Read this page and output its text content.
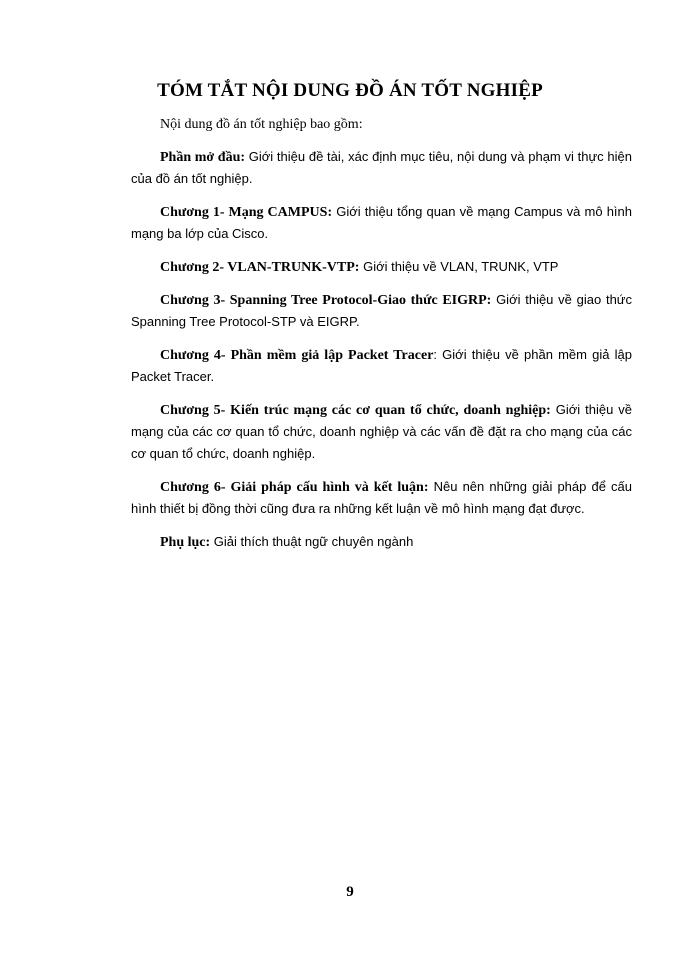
TÓM TẮT NỘI DUNG ĐỒ ÁN TỐT NGHIỆP

Nội dung đồ án tốt nghiệp bao gồm:

Phần mở đầu: Giới thiệu đề tài, xác định mục tiêu, nội dung và phạm vi thực hiện của đồ án tốt nghiệp.

Chương 1- Mạng CAMPUS: Giới thiệu tổng quan về mạng Campus và mô hình mạng ba lớp của Cisco.

Chương 2- VLAN-TRUNK-VTP: Giới thiệu về VLAN, TRUNK, VTP

Chương 3- Spanning Tree Protocol-Giao thức EIGRP: Giới thiệu về giao thức Spanning Tree Protocol-STP và EIGRP.

Chương 4- Phần mềm giả lập Packet Tracer: Giới thiệu về phần mềm giả lập Packet Tracer.

Chương 5- Kiến trúc mạng các cơ quan tổ chức, doanh nghiệp: Giới thiệu về mạng của các cơ quan tổ chức, doanh nghiệp và các vấn đề đặt ra cho mạng của các cơ quan tổ chức, doanh nghiệp.

Chương 6- Giải pháp cấu hình và kết luận: Nêu nên những giải pháp để cấu hình thiết bị đồng thời cũng đưa ra những kết luận về mô hình mạng đạt được.

Phụ lục: Giải thích thuật ngữ chuyên ngành

9
